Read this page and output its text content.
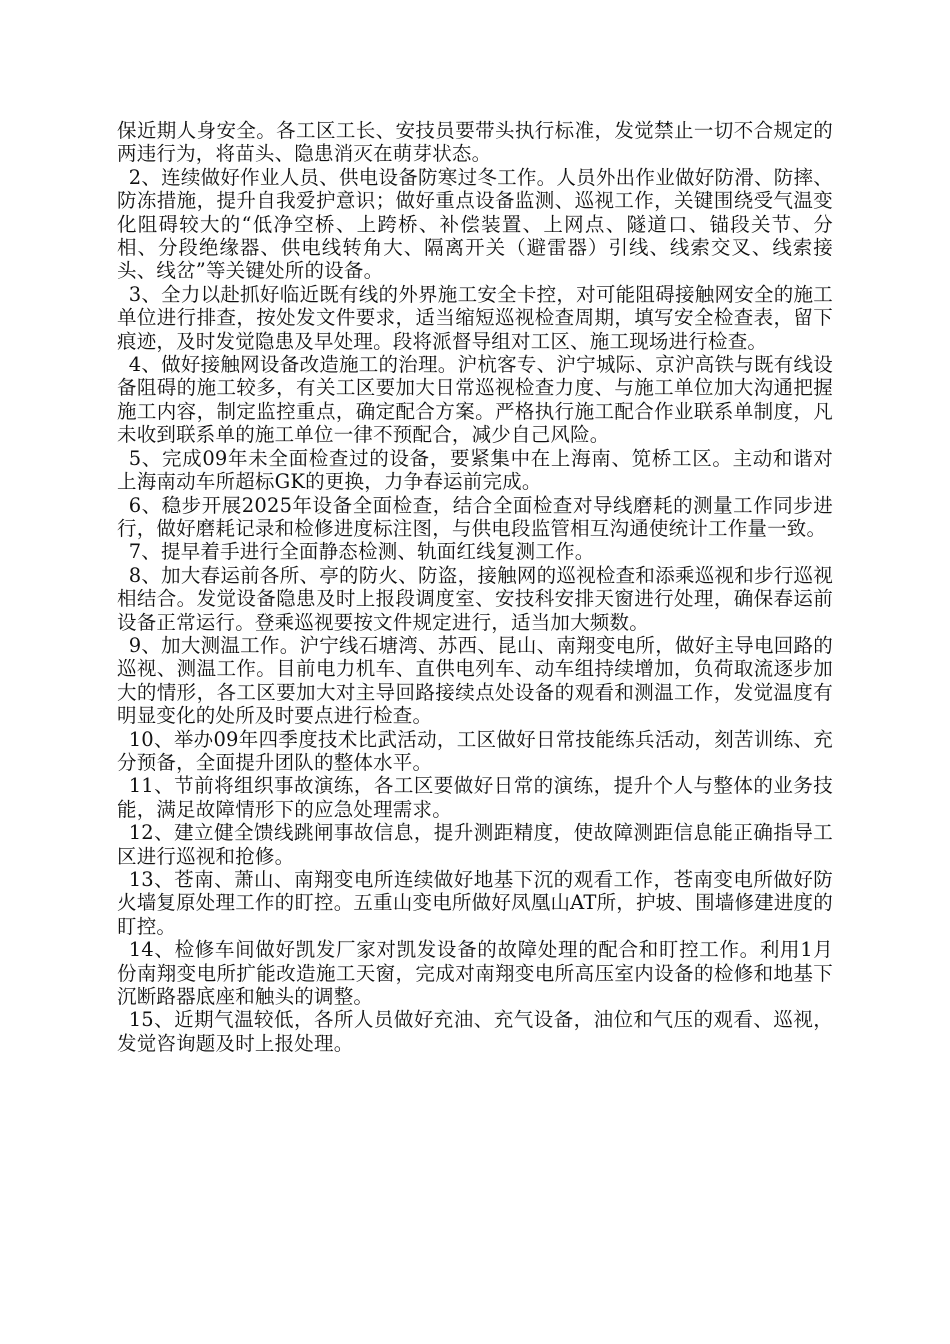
保近期人身安全。各工区工长、安技员要带头执行标准，发觉禁止一切不合规定的两违行为，将苗头、隐患消灭在萌芽状态。

2、连续做好作业人员、供电设备防寒过冬工作。人员外出作业做好防滑、防摔、防冻措施，提升自我爱护意识；做好重点设备监测、巡视工作，关键围绕受气温变化阻碍较大的“低净空桥、上跨桥、补偿装置、上网点、隧道口、锚段关节、分相、分段绝缘器、供电线转角大、隔离开关（避雷器）引线、线索交叉、线索接头、线岔”等关键处所的设备。

3、全力以赴抓好临近既有线的外界施工安全卡控，对可能阻碍接触网安全的施工单位进行排查，按处发文件要求，适当缩短巡视检查周期，填写安全检查表，留下痕迹，及时发觉隐患及早处理。段将派督导组对工区、施工现场进行检查。

4、做好接触网设备改造施工的治理。沪杭客专、沪宁城际、京沪高铁与既有线设备阻碍的施工较多，有关工区要加大日常巡视检查力度、与施工单位加大沟通把握施工内容，制定监控重点，确定配合方案。严格执行施工配合作业联系单制度，凡未收到联系单的施工单位一律不预配合，减少自己风险。

5、完成09年未全面检查过的设备，要紧集中在上海南、笕桥工区。主动和谐对上海南动车所超标GK的更换，力争春运前完成。

6、稳步开展2025年设备全面检查，结合全面检查对导线磨耗的测量工作同步进行，做好磨耗记录和检修进度标注图，与供电段监管相互沟通使统计工作量一致。

7、提早着手进行全面静态检测、轨面红线复测工作。

8、加大春运前各所、亭的防火、防盗，接触网的巡视检查和添乘巡视和步行巡视相结合。发觉设备隐患及时上报段调度室、安技科安排天窗进行处理，确保春运前设备正常运行。登乘巡视要按文件规定进行，适当加大频数。

9、加大测温工作。沪宁线石塘湾、苏西、昆山、南翔变电所，做好主导电回路的巡视、测温工作。目前电力机车、直供电列车、动车组持续增加，负荷取流逐步加大的情形，各工区要加大对主导回路接续点处设备的观看和测温工作，发觉温度有明显变化的处所及时要点进行检查。

10、举办09年四季度技术比武活动，工区做好日常技能练兵活动，刻苦训练、充分预备，全面提升团队的整体水平。

11、节前将组织事故演练，各工区要做好日常的演练，提升个人与整体的业务技能，满足故障情形下的应急处理需求。

12、建立健全馈线跳闸事故信息，提升测距精度，使故障测距信息能正确指导工区进行巡视和抢修。

13、苍南、萧山、南翔变电所连续做好地基下沉的观看工作，苍南变电所做好防火墙复原处理工作的盯控。五重山变电所做好凤凰山AT所，护坡、围墙修建进度的盯控。

14、检修车间做好凯发厂家对凯发设备的故障处理的配合和盯控工作。利用1月份南翔变电所扩能改造施工天窗，完成对南翔变电所高压室内设备的检修和地基下沉断路器底座和触头的调整。

15、近期气温较低，各所人员做好充油、充气设备，油位和气压的观看、巡视，发觉咨询题及时上报处理。
